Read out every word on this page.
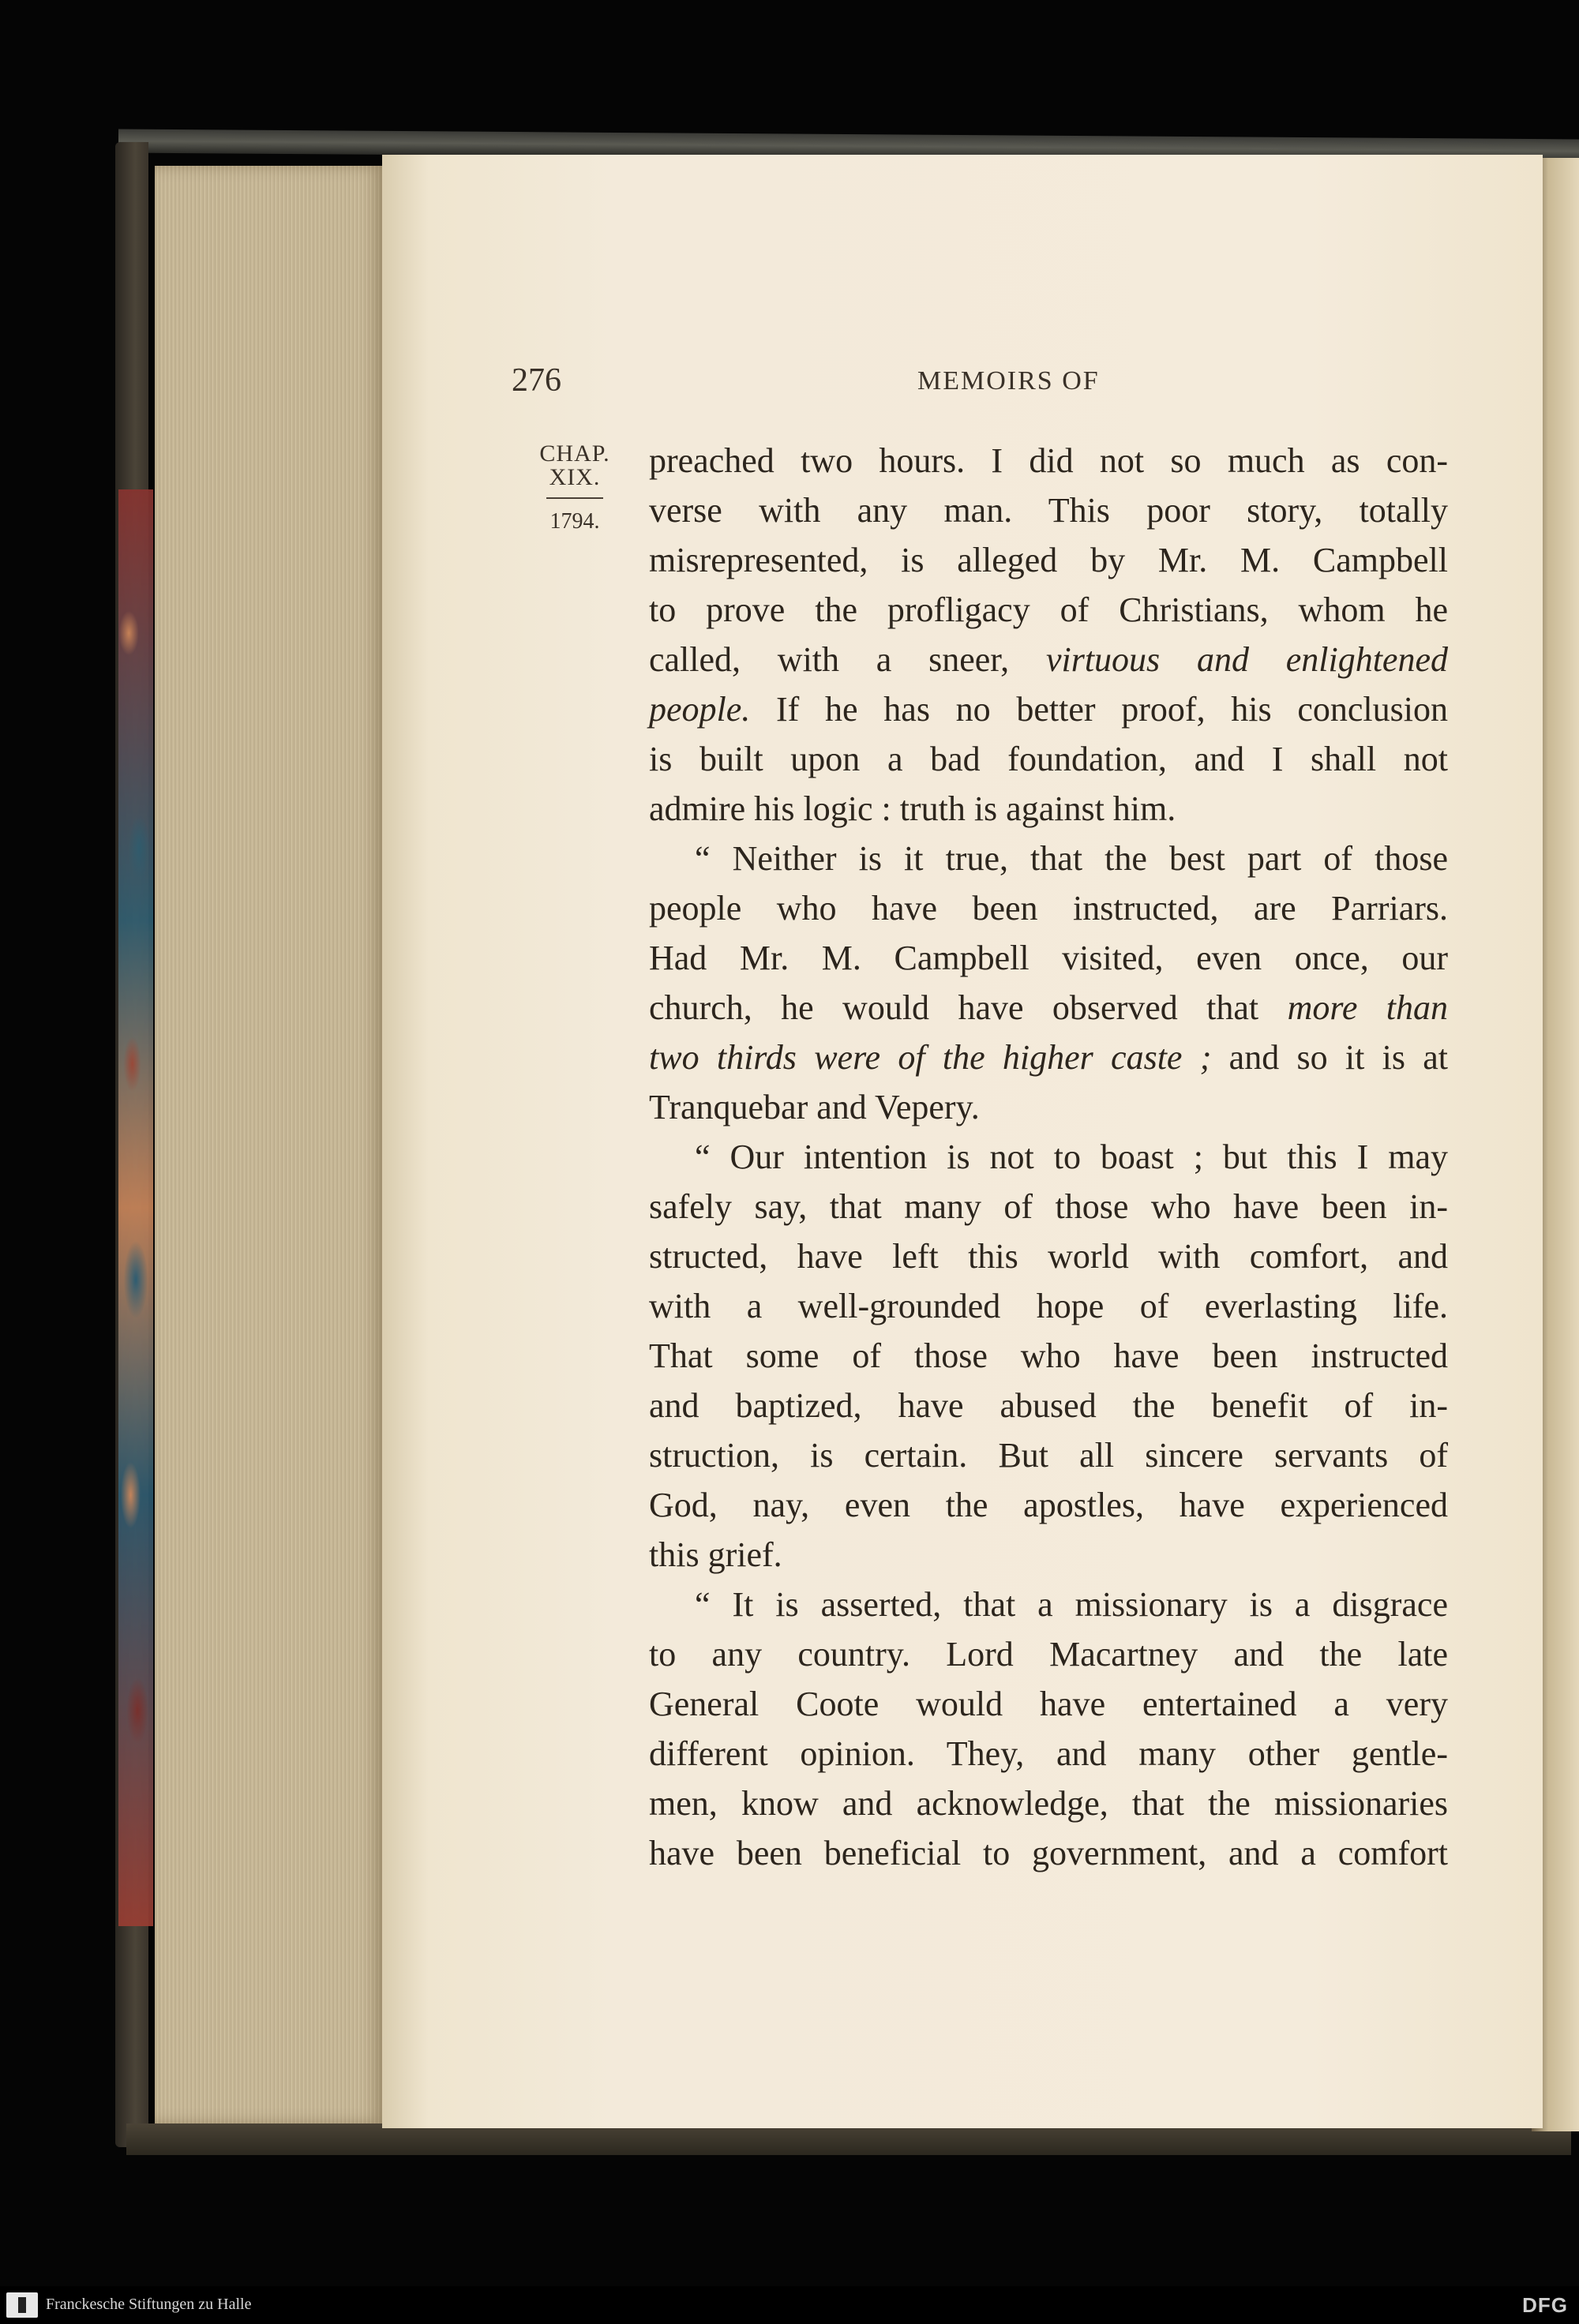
276	MEMOIRS OF
CHAP.
XIX.
1794.
preached two hours. I did not so much as con-
verse with any man. This poor story, totally
misrepresented, is alleged by Mr. M. Campbell
to prove the profligacy of Christians, whom he
called, with a sneer, virtuous and enlightened
people. If he has no better proof, his conclusion
is built upon a bad foundation, and I shall not
admire his logic : truth is against him.
“ Neither is it true, that the best part of those
people who have been instructed, are Parriars.
Had Mr. M. Campbell visited, even once, our
church, he would have observed that more than
two thirds were of the higher caste ; and so it is at
Tranquebar and Vepery.
“ Our intention is not to boast ; but this I may
safely say, that many of those who have been in-
structed, have left this world with comfort, and
with a well-grounded hope of everlasting life.
That some of those who have been instructed
and baptized, have abused the benefit of in-
struction, is certain. But all sincere servants of
God, nay, even the apostles, have experienced
this grief.
“ It is asserted, that a missionary is a disgrace
to any country. Lord Macartney and the late
General Coote would have entertained a very
different opinion. They, and many other gentle-
men, know and acknowledge, that the missionaries
have been beneficial to government, and a comfort
Franckesche Stiftungen zu Halle	DFG
